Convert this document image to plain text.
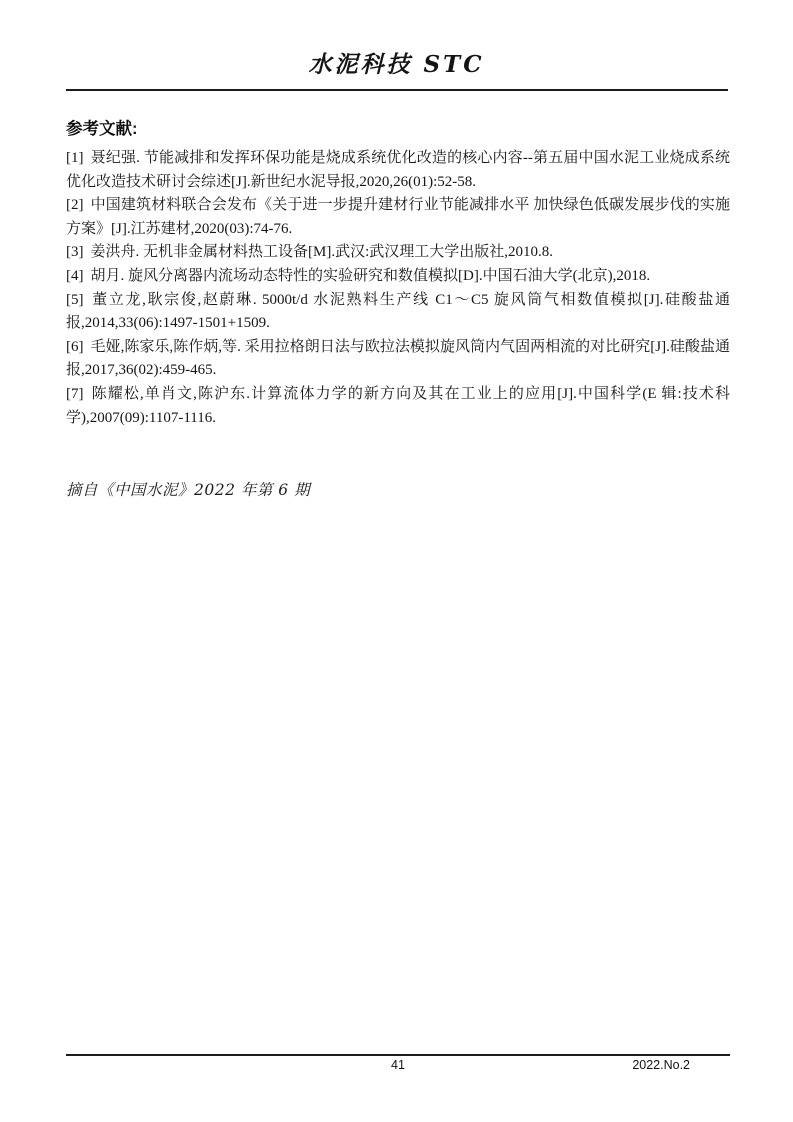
水泥科技 STC

参考文献:

[1] 聂纪强. 节能减排和发挥环保功能是烧成系统优化改造的核心内容--第五届中国水泥工业烧成系统优化改造技术研讨会综述[J].新世纪水泥导报,2020,26(01):52-58.

[2] 中国建筑材料联合会发布《关于进一步提升建材行业节能减排水平 加快绿色低碳发展步伐的实施方案》[J].江苏建材,2020(03):74-76.

[3] 姜洪舟. 无机非金属材料热工设备[M].武汉:武汉理工大学出版社,2010.8.

[4] 胡月. 旋风分离器内流场动态特性的实验研究和数值模拟[D].中国石油大学(北京),2018.

[5] 董立龙,耿宗俊,赵蔚琳. 5000t/d 水泥熟料生产线 C1～C5 旋风筒气相数值模拟[J].硅酸盐通报,2014,33(06):1497-1501+1509.

[6] 毛娅,陈家乐,陈作炳,等. 采用拉格朗日法与欧拉法模拟旋风筒内气固两相流的对比研究[J].硅酸盐通报,2017,36(02):459-465.

[7] 陈耀松,单肖文,陈沪东.计算流体力学的新方向及其在工业上的应用[J].中国科学(E 辑:技术科学),2007(09):1107-1116.

摘自《中国水泥》2022 年第 6 期

41	2022.No.2
